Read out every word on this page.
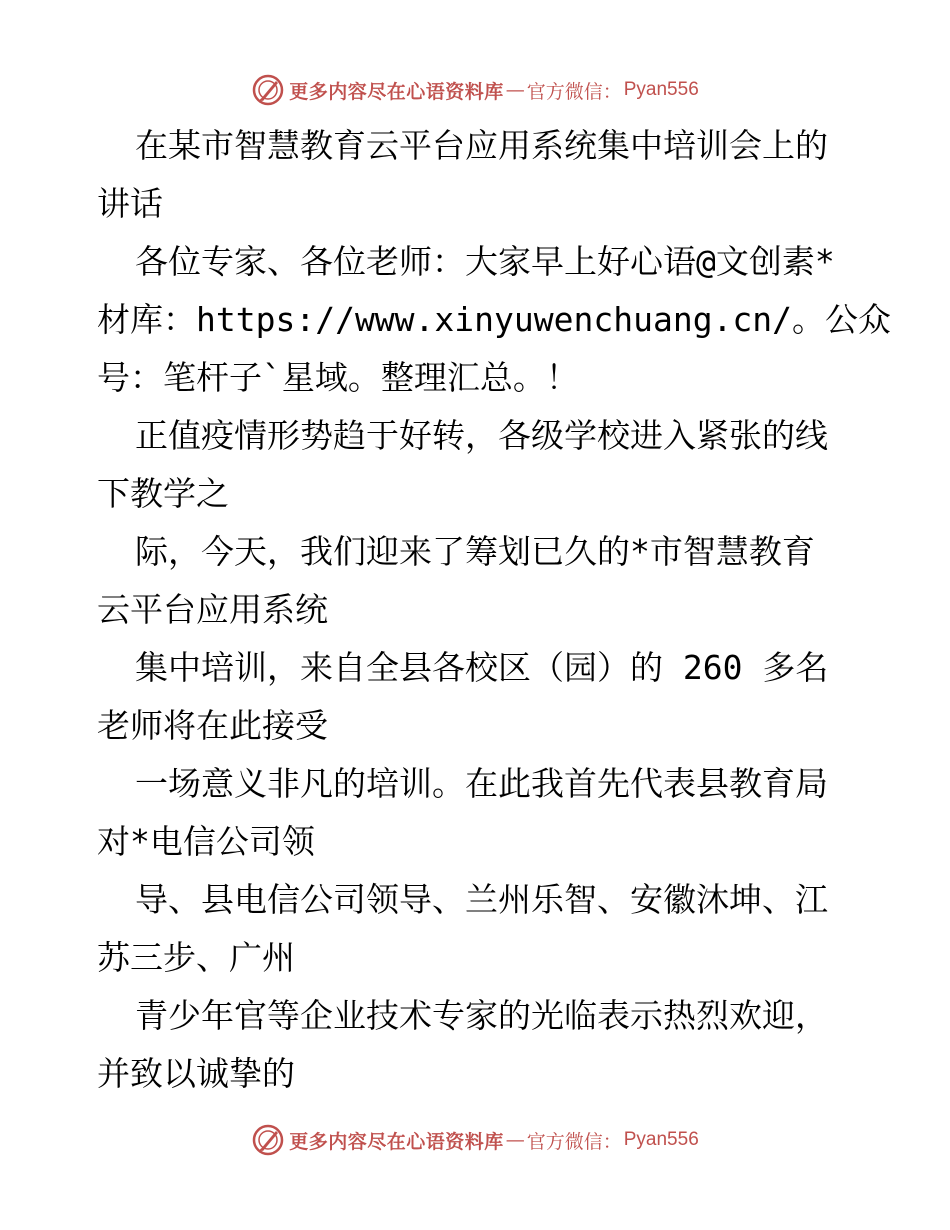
更多内容尽在心语资料库 — 官方微信： Pyan556
在某市智慧教育云平台应用系统集中培训会上的
讲话
各位专家、各位老师：大家早上好心语@文创素*
材库：https://www.xinyuwenchuang.cn/。公众
号：笔杆子`星域。整理汇总。！
正值疫情形势趋于好转，各级学校进入紧张的线
下教学之
际，今天，我们迎来了筹划已久的*市智慧教育
云平台应用系统
集中培训，来自全县各校区（园）的 260 多名
老师将在此接受
一场意义非凡的培训。在此我首先代表县教育局
对*电信公司领
导、县电信公司领导、兰州乐智、安徽沐坤、江
苏三步、广州
青少年官等企业技术专家的光临表示热烈欢迎，
并致以诚挚的
更多内容尽在心语资料库 — 官方微信： Pyan556
